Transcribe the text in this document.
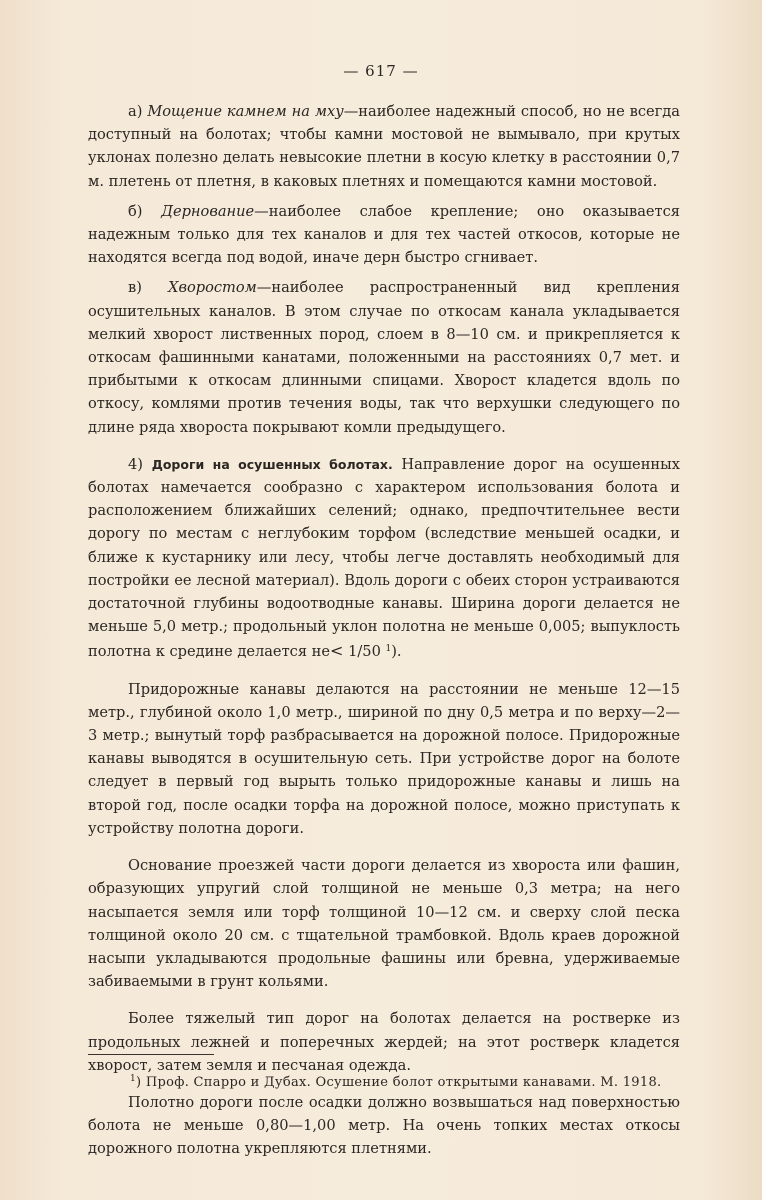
— 617 —

а) Мощение камнем на мху—наиболее надежный способ, но не всегда доступный на болотах; чтобы камни мостовой не вымывало, при крутых уклонах полезно делать невысокие плетни в косую клетку в расстоянии 0,7 м. плетень от плетня, в каковых плетнях и помещаются камни мостовой.

б) Дернование—наиболее слабое крепление; оно оказывается надежным только для тех каналов и для тех частей откосов, которые не находятся всегда под водой, иначе дерн быстро сгнивает.

в) Хворостом—наиболее распространенный вид крепления осушительных каналов. В этом случае по откосам канала укладывается мелкий хворост лиственных пород, слоем в 8—10 см. и прикрепляется к откосам фашинными канатами, положенными на расстояниях 0,7 мет. и прибытыми к откосам длинными спицами. Хворост кладется вдоль по откосу, комлями против течения воды, так что верхушки следующего по длине ряда хвороста покрывают комли предыдущего.

4) Дороги на осушенных болотах. Направление дорог на осушенных болотах намечается сообразно с характером использования болота и расположением ближайших селений; однако, предпочтительнее вести дорогу по местам с неглубоким торфом (вследствие меньшей осадки, и ближе к кустарнику или лесу, чтобы легче доставлять необходимый для постройки ее лесной материал). Вдоль дороги с обеих сторон устраиваются достаточной глубины водоотводные канавы. Ширина дороги делается не меньше 5,0 метр.; продольный уклон полотна не меньше 0,005; выпуклость полотна к средине делается не< 1/50 $^1$).

Придорожные канавы делаются на расстоянии не меньше 12—15 метр., глубиной около 1,0 метр., шириной по дну 0,5 метра и по верху—2—3 метр.; вынутый торф разбрасывается на дорожной полосе. Придорожные канавы выводятся в осушительную сеть. При устройстве дорог на болоте следует в первый год вырыть только придорожные канавы и лишь на второй год, после осадки торфа на дорожной полосе, можно приступать к устройству полотна дороги.

Основание проезжей части дороги делается из хвороста или фашин, образующих упругий слой толщиной не меньше 0,3 метра; на него насыпается земля или торф толщиной 10—12 см. и сверху слой песка толщиной около 20 см. с тщательной трамбовкой. Вдоль краев дорожной насыпи укладываются продольные фашины или бревна, удерживаемые забиваемыми в грунт кольями.

Более тяжелый тип дорог на болотах делается на ростверке из продольных лежней и поперечных жердей; на этот ростверк кладется хворост, затем земля и песчаная одежда.

Полотно дороги после осадки должно возвышаться над поверхностью болота не меньше 0,80—1,00 метр. На очень топких местах откосы дорожного полотна укрепляются плетнями.

$^1$) Проф. Спарро и Дубах. Осушение болот открытыми канавами. М. 1918.
